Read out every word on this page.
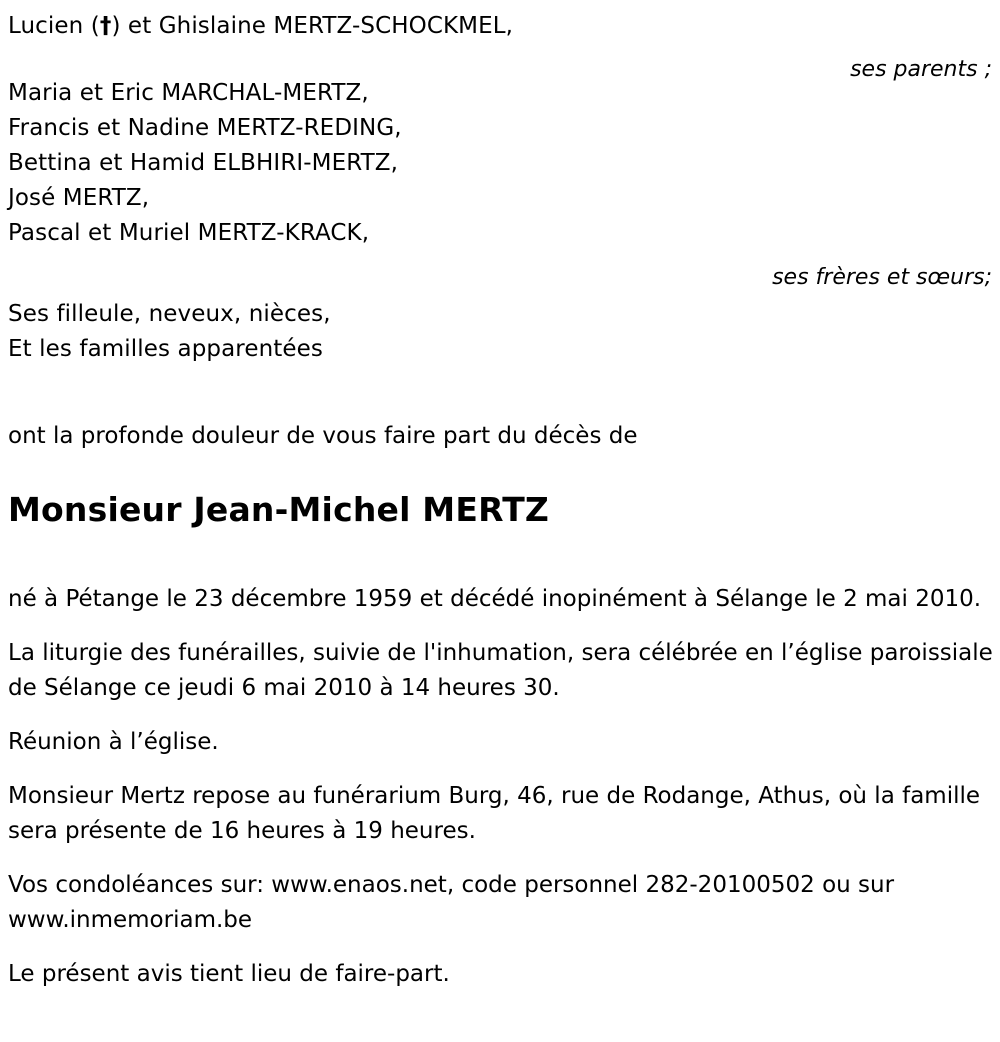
Lucien (†) et Ghislaine MERTZ-SCHOCKMEL,
ses parents ;
Maria et Eric MARCHAL-MERTZ,
Francis et Nadine MERTZ-REDING,
Bettina et Hamid ELBHIRI-MERTZ,
José MERTZ,
Pascal et Muriel MERTZ-KRACK,
ses frères et sœurs;
Ses filleule, neveux, nièces,
Et les familles apparentées
ont la profonde douleur de vous faire part du décès de
Monsieur Jean-Michel MERTZ

né à Pétange le 23 décembre 1959 et décédé inopinément à Sélange le 2 mai 2010.

La liturgie des funérailles, suivie de l'inhumation, sera célébrée en l’église paroissiale de Sélange ce jeudi 6 mai 2010 à 14 heures 30.

Réunion à l’église.

Monsieur Mertz repose au funérarium Burg, 46, rue de Rodange, Athus, où la famille sera présente de 16 heures à 19 heures.

Vos condoléances sur: www.enaos.net, code personnel 282-20100502 ou sur www.inmemoriam.be

Le présent avis tient lieu de faire-part.
